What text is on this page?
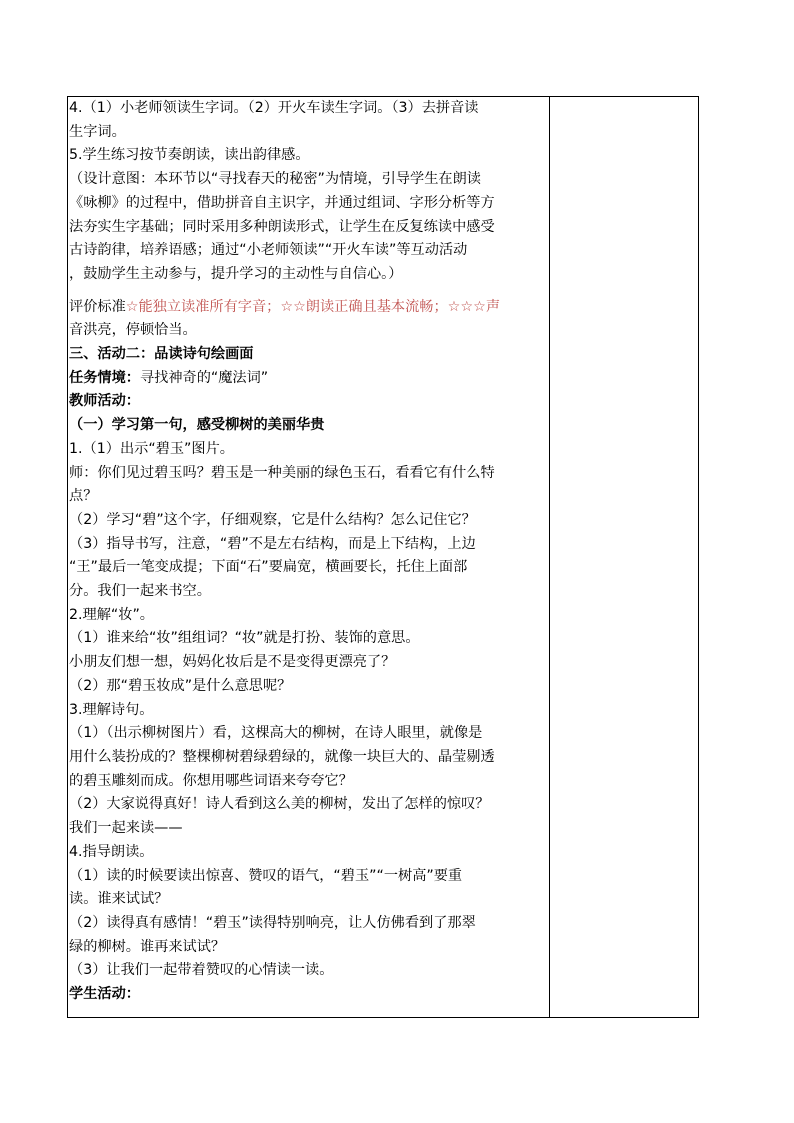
4.（1）小老师领读生字词。（2）开火车读生字词。（3）去拼音读
生字词。
5.学生练习按节奏朗读，读出韵律感。
（设计意图：本环节以“寻找春天的秘密”为情境，引导学生在朗读
《咏柳》的过程中，借助拼音自主识字，并通过组词、字形分析等方
法夯实生字基础；同时采用多种朗读形式，让学生在反复练读中感受
古诗韵律，培养语感；通过“小老师领读”“开火车读”等互动活动
，鼓励学生主动参与，提升学习的主动性与自信心。）
评价标准☆能独立读准所有字音；☆☆朗读正确且基本流畅；☆☆☆声
音洪亮，停顿恰当。
三、活动二：品读诗句绘画面
任务情境：寻找神奇的“魔法词”
教师活动：
（一）学习第一句，感受柳树的美丽华贵
1.（1）出示“碧玉”图片。
师：你们见过碧玉吗？碧玉是一种美丽的绿色玉石，看看它有什么特
点？
（2）学习“碧”这个字，仔细观察，它是什么结构？怎么记住它？
（3）指导书写，注意，“碧”不是左右结构，而是上下结构，上边
“王”最后一笔变成提；下面“石”要扁宽，横画要长，托住上面部
分。我们一起来书空。
2.理解“妆”。
（1）谁来给“妆”组组词？“妆”就是打扮、装饰的意思。
小朋友们想一想，妈妈化妆后是不是变得更漂亮了？
（2）那“碧玉妆成”是什么意思呢？
3.理解诗句。
（1）（出示柳树图片）看，这棵高大的柳树，在诗人眼里，就像是
用什么装扮成的？整棵柳树碧绿碧绿的，就像一块巨大的、晶莹剔透
的碧玉雕刻而成。你想用哪些词语来夸夸它？
（2）大家说得真好！诗人看到这么美的柳树，发出了怎样的惊叹？
我们一起来读——
4.指导朗读。
（1）读的时候要读出惊喜、赞叹的语气，“碧玉”“一树高”要重
读。谁来试试？
（2）读得真有感情！“碧玉”读得特别响亮，让人仿佛看到了那翠
绿的柳树。谁再来试试？
（3）让我们一起带着赞叹的心情读一读。
学生活动：
